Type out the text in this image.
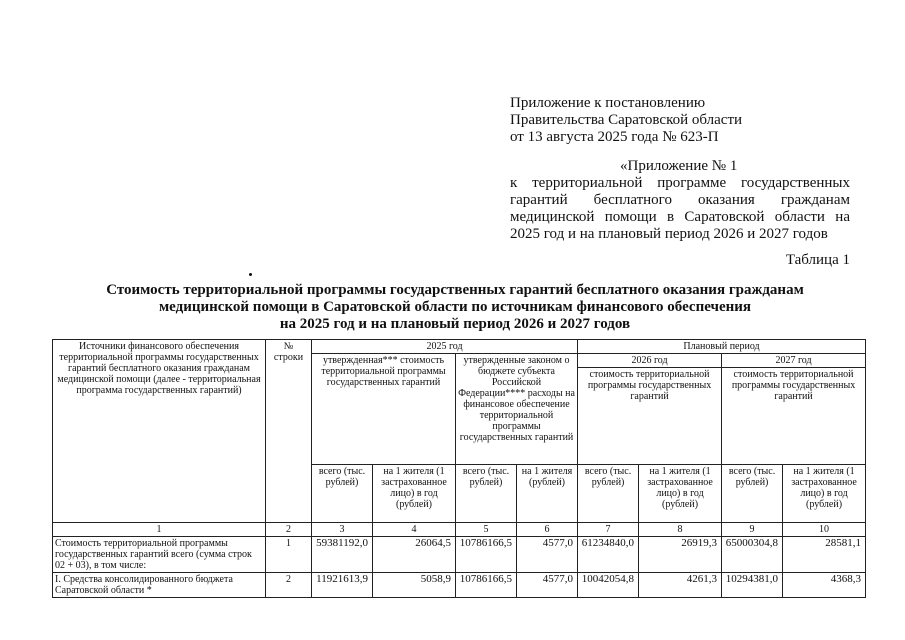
Приложение к постановлению
Правительства Саратовской области
от 13 августа 2025 года № 623-П
«Приложение № 1
к территориальной программе государственных гарантий бесплатного оказания гражданам медицинской помощи в Саратовской области на 2025 год и на плановый период 2026 и 2027 годов
Таблица 1
Стоимость территориальной программы государственных гарантий бесплатного оказания гражданам
медицинской помощи в Саратовской области по источникам финансового обеспечения
на 2025 год и на плановый период 2026 и 2027 годов
Источники финансового обеспечения территориальной программы государственных гарантий бесплатного оказания гражданам медицинской помощи (далее - территориальная программа государственных гарантий)	№ строки	2025 год				Плановый период			
		утвержденная*** стоимость территориальной программы государственных гарантий		утвержденные законом о бюджете субъекта Российской Федерации**** расходы на финансовое обеспечение территориальной программы государственных гарантий		2026 год		2027 год	
						стоимость территориальной программы государственных гарантий		стоимость территориальной программы государственных гарантий	
		всего (тыс. рублей)	на 1 жителя (1 застрахованное лицо) в год (рублей)	всего (тыс. рублей)	на 1 жителя (рублей)	всего (тыс. рублей)	на 1 жителя (1 застрахованное лицо) в год (рублей)	всего (тыс. рублей)	на 1 жителя (1 застрахованное лицо) в год (рублей)
1	2	3	4	5	6	7	8	9	10
Стоимость территориальной программы государственных гарантий всего (сумма строк 02 + 03), в том числе:	1	59381192,0	26064,5	10786166,5	4577,0	61234840,0	26919,3	65000304,8	28581,1
I. Средства консолидированного бюджета Саратовской области *	2	11921613,9	5058,9	10786166,5	4577,0	10042054,8	4261,3	10294381,0	4368,3
